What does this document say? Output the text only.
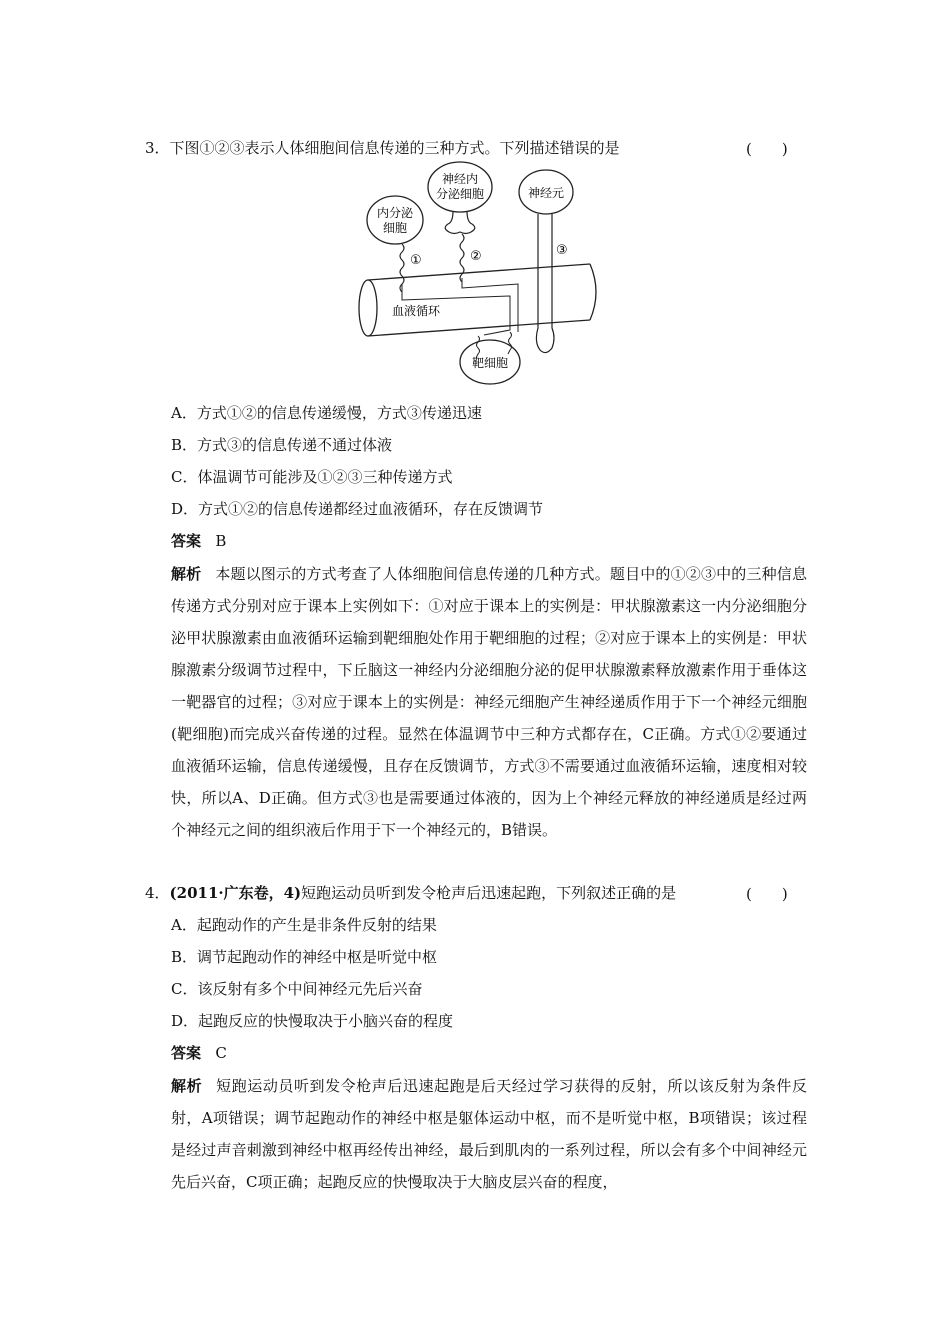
3．下图①②③表示人体细胞间信息传递的三种方式。下列描述错误的是	(　　)
神经内
分泌细胞
内分泌
细胞
神经元
③
①	②
血液循环
靶细胞
A．方式①②的信息传递缓慢，方式③传递迅速
B．方式③的信息传递不通过体液
C．体温调节可能涉及①②③三种传递方式
D．方式①②的信息传递都经过血液循环，存在反馈调节
答案 B
解析 本题以图示的方式考查了人体细胞间信息传递的几种方式。题目中的①②③中的三种信息传递方式分别对应于课本上实例如下：①对应于课本上的实例是：甲状腺激素这一内分泌细胞分泌甲状腺激素由血液循环运输到靶细胞处作用于靶细胞的过程；②对应于课本上的实例是：甲状腺激素分级调节过程中，下丘脑这一神经内分泌细胞分泌的促甲状腺激素释放激素作用于垂体这一靶器官的过程；③对应于课本上的实例是：神经元细胞产生神经递质作用于下一个神经元细胞(靶细胞)而完成兴奋传递的过程。显然在体温调节中三种方式都存在，C正确。方式①②要通过血液循环运输，信息传递缓慢，且存在反馈调节，方式③不需要通过血液循环运输，速度相对较快，所以A、D正确。但方式③也是需要通过体液的，因为上个神经元释放的神经递质是经过两个神经元之间的组织液后作用于下一个神经元的，B错误。
4．(2011·广东卷，4)短跑运动员听到发令枪声后迅速起跑，下列叙述正确的是	(　　)
A．起跑动作的产生是非条件反射的结果
B．调节起跑动作的神经中枢是听觉中枢
C．该反射有多个中间神经元先后兴奋
D．起跑反应的快慢取决于小脑兴奋的程度
答案 C
解析 短跑运动员听到发令枪声后迅速起跑是后天经过学习获得的反射，所以该反射为条件反射，A项错误；调节起跑动作的神经中枢是躯体运动中枢，而不是听觉中枢，B项错误；该过程是经过声音刺激到神经中枢再经传出神经，最后到肌肉的一系列过程，所以会有多个中间神经元先后兴奋，C项正确；起跑反应的快慢取决于大脑皮层兴奋的程度，
